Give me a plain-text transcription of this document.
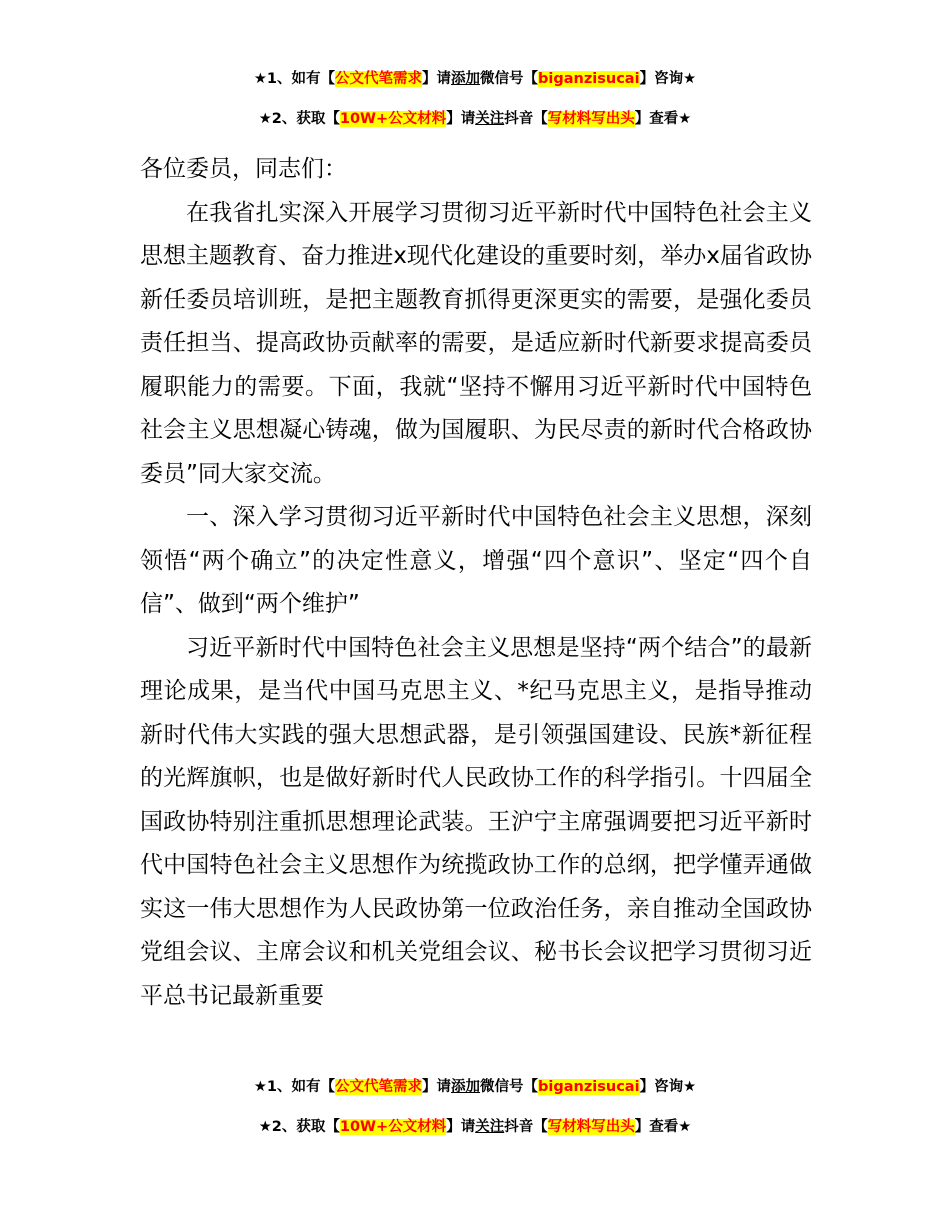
★1、如有【公文代笔需求】请添加微信号【biganzisucai】咨询★
★2、获取【10W+公文材料】请关注抖音【写材料写出头】查看★

各位委员，同志们：

在我省扎实深入开展学习贯彻习近平新时代中国特色社会主义思想主题教育、奋力推进x现代化建设的重要时刻，举办x届省政协新任委员培训班，是把主题教育抓得更深更实的需要，是强化委员责任担当、提高政协贡献率的需要，是适应新时代新要求提高委员履职能力的需要。下面，我就“坚持不懈用习近平新时代中国特色社会主义思想凝心铸魂，做为国履职、为民尽责的新时代合格政协委员”同大家交流。

一、深入学习贯彻习近平新时代中国特色社会主义思想，深刻领悟“两个确立”的决定性意义，增强“四个意识”、坚定“四个自信”、做到“两个维护”

习近平新时代中国特色社会主义思想是坚持“两个结合”的最新理论成果，是当代中国马克思主义、*纪马克思主义，是指导推动新时代伟大实践的强大思想武器，是引领强国建设、民族*新征程的光辉旗帜，也是做好新时代人民政协工作的科学指引。十四届全国政协特别注重抓思想理论武装。王沪宁主席强调要把习近平新时代中国特色社会主义思想作为统揽政协工作的总纲，把学懂弄通做实这一伟大思想作为人民政协第一位政治任务，亲自推动全国政协党组会议、主席会议和机关党组会议、秘书长会议把学习贯彻习近平总书记最新重要

★1、如有【公文代笔需求】请添加微信号【biganzisucai】咨询★
★2、获取【10W+公文材料】请关注抖音【写材料写出头】查看★
